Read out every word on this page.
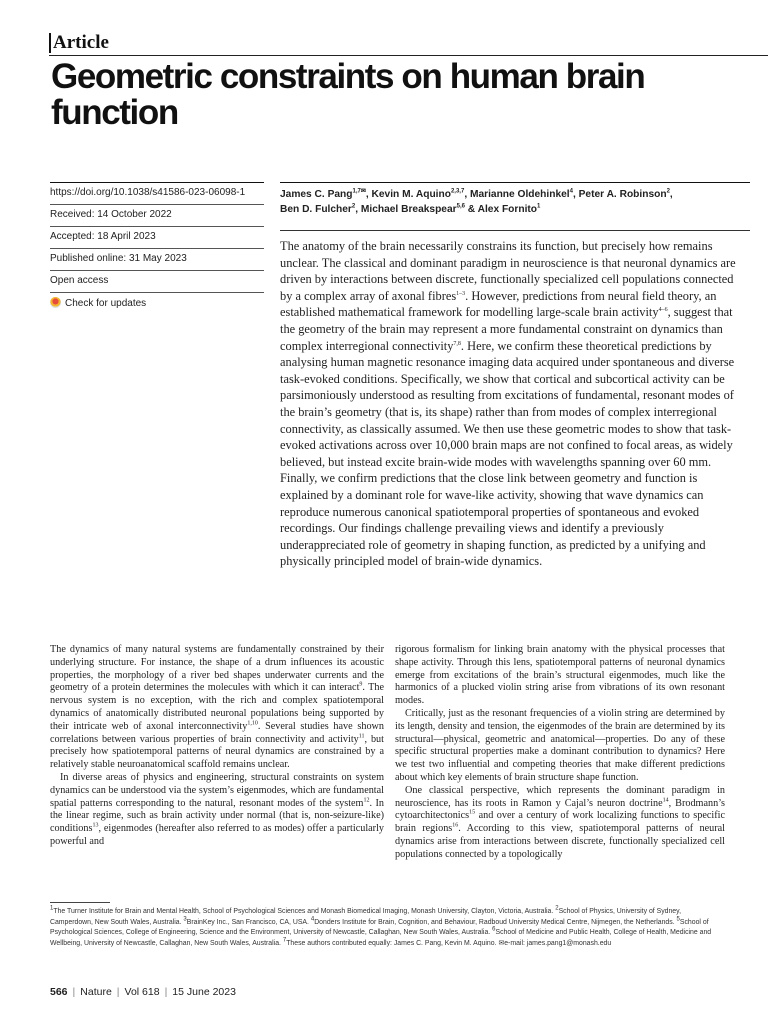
Article
Geometric constraints on human brain function
https://doi.org/10.1038/s41586-023-06098-1
Received: 14 October 2022
Accepted: 18 April 2023
Published online: 31 May 2023
Open access
Check for updates
James C. Pang$^{1,7✉}$, Kevin M. Aquino$^{2,3,7}$, Marianne Oldehinkel$^4$, Peter A. Robinson$^2$,
Ben D. Fulcher$^2$, Michael Breakspear$^{5,6}$ & Alex Fornito$^1$
The anatomy of the brain necessarily constrains its function, but precisely how remains unclear. The classical and dominant paradigm in neuroscience is that neuronal dynamics are driven by interactions between discrete, functionally specialized cell populations connected by a complex array of axonal fibres$^{1-3}$. However, predictions from neural field theory, an established mathematical framework for modelling large-scale brain activity$^{4-6}$, suggest that the geometry of the brain may represent a more fundamental constraint on dynamics than complex interregional connectivity$^{7,8}$. Here, we confirm these theoretical predictions by analysing human magnetic resonance imaging data acquired under spontaneous and diverse task-evoked conditions. Specifically, we show that cortical and subcortical activity can be parsimoniously understood as resulting from excitations of fundamental, resonant modes of the brain’s geometry (that is, its shape) rather than from modes of complex interregional connectivity, as classically assumed. We then use these geometric modes to show that task-evoked activations across over 10,000 brain maps are not confined to focal areas, as widely believed, but instead excite brain-wide modes with wavelengths spanning over 60 mm. Finally, we confirm predictions that the close link between geometry and function is explained by a dominant role for wave-like activity, showing that wave dynamics can reproduce numerous canonical spatiotemporal properties of spontaneous and evoked recordings. Our findings challenge prevailing views and identify a previously underappreciated role of geometry in shaping function, as predicted by a unifying and physically principled model of brain-wide dynamics.

The dynamics of many natural systems are fundamentally constrained by their underlying structure. For instance, the shape of a drum influences its acoustic properties, the morphology of a river bed shapes underwater currents and the geometry of a protein determines the molecules with which it can interact$^9$. The nervous system is no exception, with the rich and complex spatiotemporal dynamics of anatomically distributed neuronal populations being supported by their intricate web of axonal interconnectivity$^{1,10}$. Several studies have shown correlations between various properties of brain connectivity and activity$^{11}$, but precisely how spatiotemporal patterns of neural dynamics are constrained by a relatively stable neuroanatomical scaffold remains unclear.

In diverse areas of physics and engineering, structural constraints on system dynamics can be understood via the system’s eigenmodes, which are fundamental spatial patterns corresponding to the natural, resonant modes of the system$^{12}$. In the linear regime, such as brain activity under normal (that is, non-seizure-like) conditions$^{13}$, eigenmodes (hereafter also referred to as modes) offer a particularly powerful and

rigorous formalism for linking brain anatomy with the physical processes that shape activity. Through this lens, spatiotemporal patterns of neuronal dynamics emerge from excitations of the brain’s structural eigenmodes, much like the harmonics of a plucked violin string arise from vibrations of its own resonant modes.

Critically, just as the resonant frequencies of a violin string are determined by its length, density and tension, the eigenmodes of the brain are determined by its structural—physical, geometric and anatomical—properties. Do any of these specific structural properties make a dominant contribution to dynamics? Here we test two influential and competing theories that make different predictions about which key elements of brain structure shape function.

One classical perspective, which represents the dominant paradigm in neuroscience, has its roots in Ramon y Cajal’s neuron doctrine$^{14}$, Brodmann’s cytoarchitectonics$^{15}$ and over a century of work localizing functions to specific brain regions$^{16}$. According to this view, spatiotemporal patterns of neural dynamics arise from interactions between discrete, functionally specialized cell populations connected by a topologically

$^1$The Turner Institute for Brain and Mental Health, School of Psychological Sciences and Monash Biomedical Imaging, Monash University, Clayton, Victoria, Australia. $^2$School of Physics, University of Sydney, Camperdown, New South Wales, Australia. $^3$BrainKey Inc., San Francisco, CA, USA. $^4$Donders Institute for Brain, Cognition, and Behaviour, Radboud University Medical Centre, Nijmegen, the Netherlands. $^5$School of Psychological Sciences, College of Engineering, Science and the Environment, University of Newcastle, Callaghan, New South Wales, Australia. $^6$School of Medicine and Public Health, College of Health, Medicine and Wellbeing, University of Newcastle, Callaghan, New South Wales, Australia. $^7$These authors contributed equally: James C. Pang, Kevin M. Aquino. ✉e-mail: james.pang1@monash.edu
566 | Nature | Vol 618 | 15 June 2023
